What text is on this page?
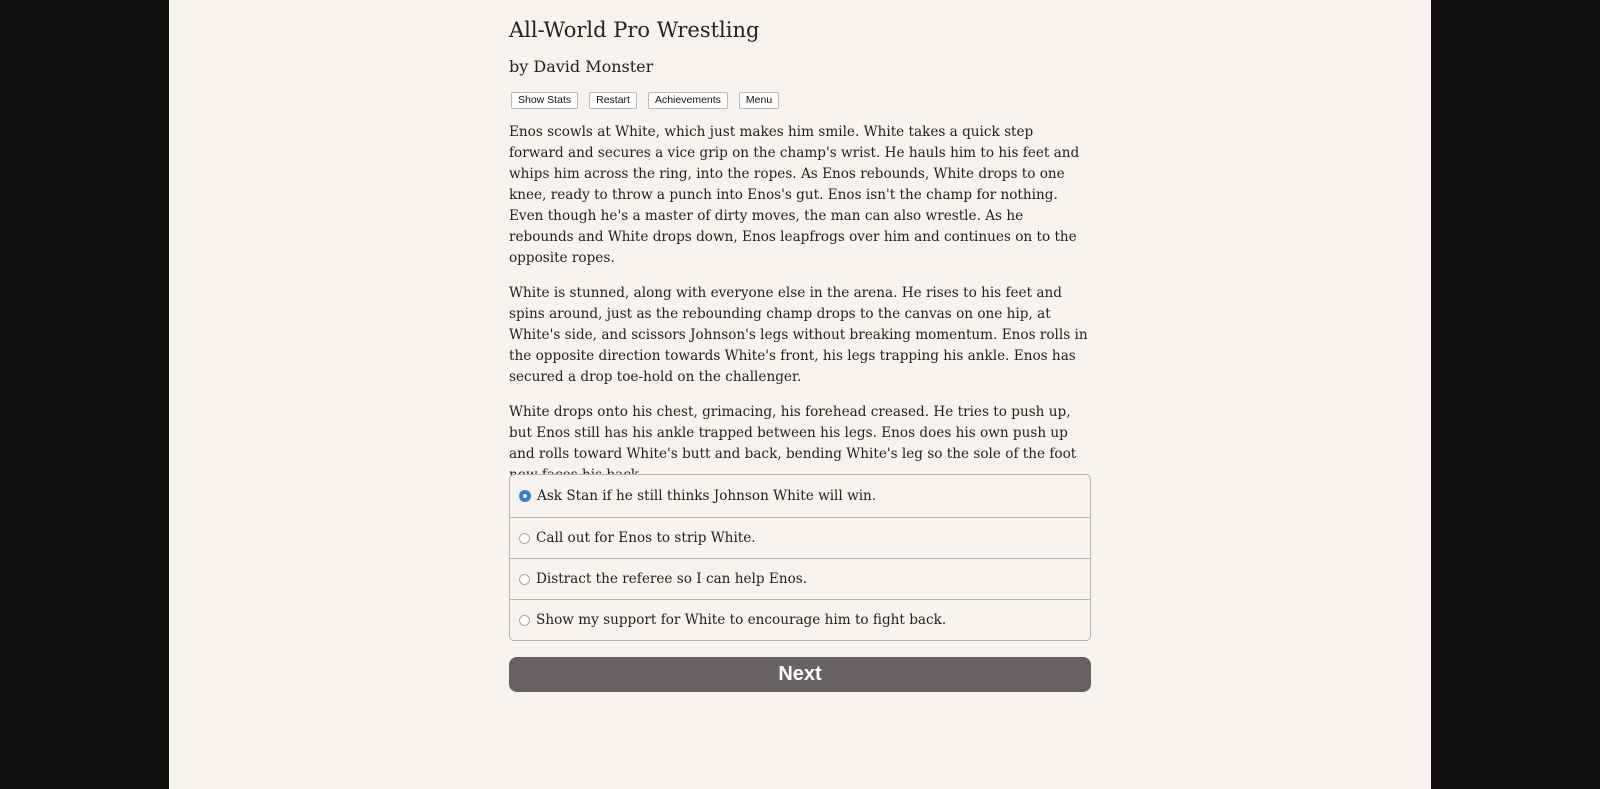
All-World Pro Wrestling
by David Monster
Show Stats	Restart	Achievements	Menu

Enos scowls at White, which just makes him smile. White takes a quick step forward and secures a vice grip on the champ's wrist. He hauls him to his feet and whips him across the ring, into the ropes. As Enos rebounds, White drops to one knee, ready to throw a punch into Enos's gut. Enos isn't the champ for nothing. Even though he's a master of dirty moves, the man can also wrestle. As he rebounds and White drops down, Enos leapfrogs over him and continues on to the opposite ropes.

White is stunned, along with everyone else in the arena. He rises to his feet and spins around, just as the rebounding champ drops to the canvas on one hip, at White's side, and scissors Johnson's legs without breaking momentum. Enos rolls in the opposite direction towards White's front, his legs trapping his ankle. Enos has secured a drop toe-hold on the challenger.

White drops onto his chest, grimacing, his forehead creased. He tries to push up, but Enos still has his ankle trapped between his legs. Enos does his own push up and rolls toward White's butt and back, bending White's leg so the sole of the foot

Ask Stan if he still thinks Johnson White will win.
Call out for Enos to strip White.
Distract the referee so I can help Enos.
Show my support for White to encourage him to fight back.
Next
